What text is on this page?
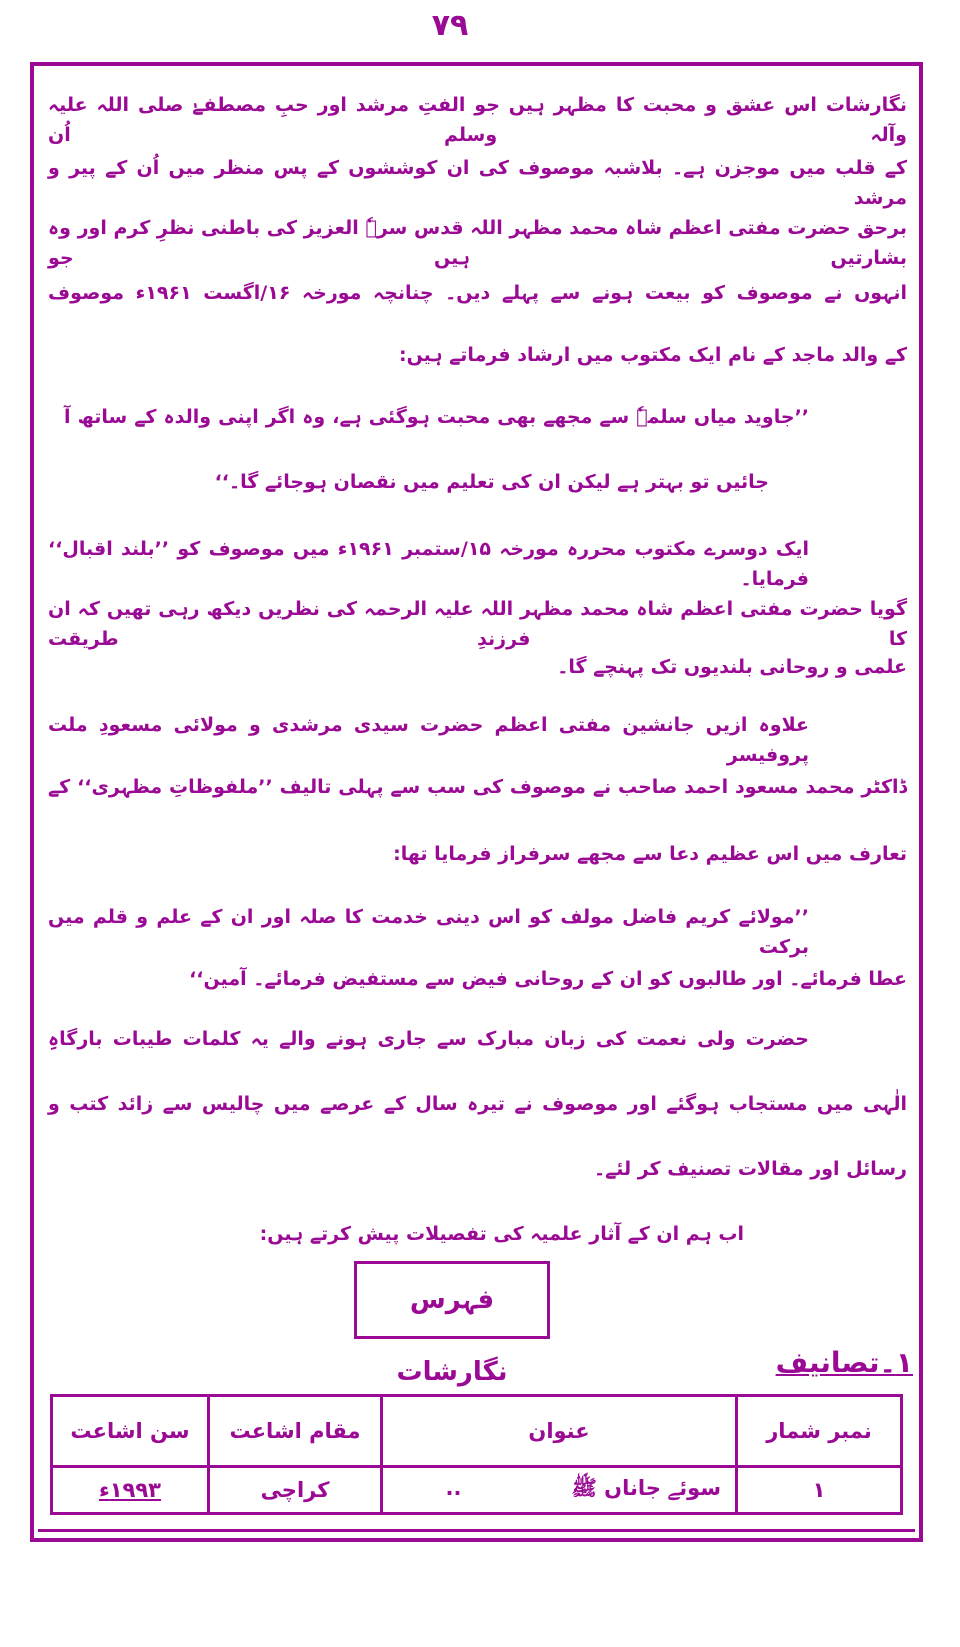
۷۹
نگارشات اس عشق و محبت کا مظہر ہیں جو الفتِ مرشد اور حبِ مصطفےٰ صلی اللہ علیہ وآلہ وسلم اُن
کے قلب میں موجزن ہے۔ بلاشبہ موصوف کی ان کوششوں کے پس منظر میں اُن کے پیر و مرشد
برحق حضرت مفتی اعظم شاہ محمد مظہر اللہ قدس سرہٗ العزیز کی باطنی نظرِ کرم اور وہ بشارتیں ہیں جو
انہوں نے موصوف کو بیعت ہونے سے پہلے دیں۔ چنانچہ مورخہ ۱۶/اگست ۱۹۶۱ء موصوف
کے والد ماجد کے نام ایک مکتوب میں ارشاد فرماتے ہیں:
’’جاوید میاں سلمہٗ سے مجھے بھی محبت ہوگئی ہے، وہ اگر اپنی والدہ کے ساتھ آ
جائیں تو بہتر ہے لیکن ان کی تعلیم میں نقصان ہوجائے گا۔‘‘
ایک دوسرے مکتوب محررہ مورخہ ۱۵/ستمبر ۱۹۶۱ء میں موصوف کو ’’بلند اقبال‘‘ فرمایا۔
گویا حضرت مفتی اعظم شاہ محمد مظہر اللہ علیہ الرحمہ کی نظریں دیکھ رہی تھیں کہ ان کا فرزندِ طریقت
علمی و روحانی بلندیوں تک پہنچے گا۔
علاوہ ازیں جانشین مفتی اعظم حضرت سیدی مرشدی و مولائی مسعودِ ملت پروفیسر
ڈاکٹر محمد مسعود احمد صاحب نے موصوف کی سب سے پہلی تالیف ’’ملفوظاتِ مظہری‘‘ کے
تعارف میں اس عظیم دعا سے مجھے سرفراز فرمایا تھا:
’’مولائے کریم فاضل مولف کو اس دینی خدمت کا صلہ اور ان کے علم و قلم میں برکت
عطا فرمائے۔ اور طالبوں کو ان کے روحانی فیض سے مستفیض فرمائے۔ آمین‘‘
حضرت ولی نعمت کی زبان مبارک سے جاری ہونے والے یہ کلمات طیبات بارگاہِ
الٰہی میں مستجاب ہوگئے اور موصوف نے تیرہ سال کے عرصے میں چالیس سے زائد کتب و
رسائل اور مقالات تصنیف کر لئے۔
اب ہم ان کے آثار علمیہ کی تفصیلات پیش کرتے ہیں:
فہرس نگارشات	۱۔تصانیف
نمبر شمار	عنوان	مقام اشاعت	سن اشاعت
۱	سوئے جاناں ﷺ..	کراچی	۱۹۹۳ء
